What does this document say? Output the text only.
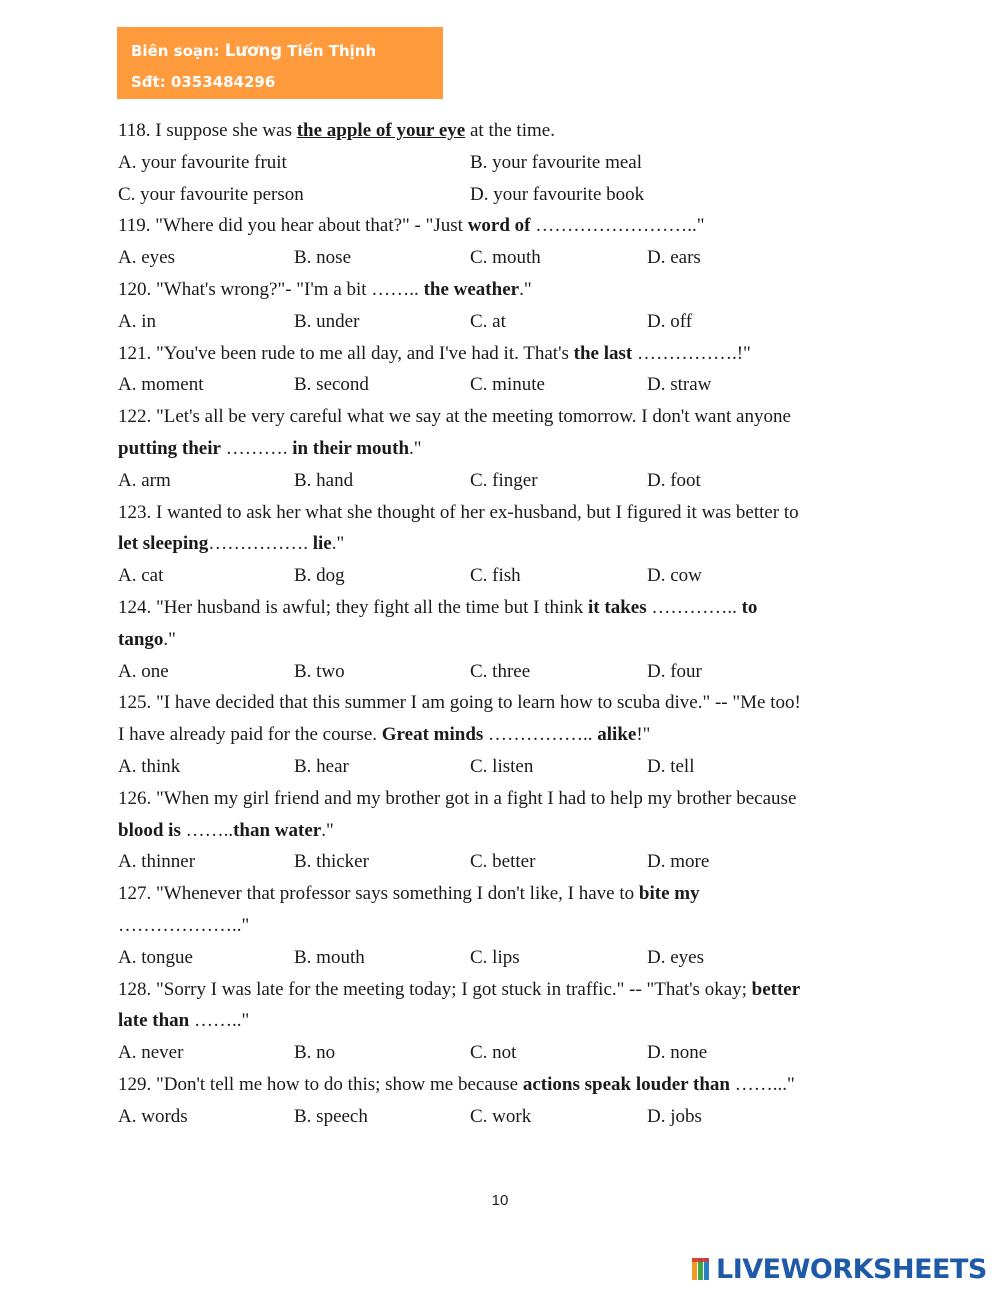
Biên soạn: Lương Tiến Thịnh
Sđt: 0353484296
118. I suppose she was the apple of your eye at the time.
A. your favourite fruit	B. your favourite meal
C. your favourite person	D. your favourite book
119. "Where did you hear about that?" - "Just word of …………………….."
A. eyes	B. nose	C. mouth	D. ears
120. "What's wrong?"- "I'm a bit …….. the weather."
A. in	B. under	C. at	D. off
121. "You've been rude to me all day, and I've had it. That's the last …………….!"
A. moment	B. second	C. minute	D. straw
122. "Let's all be very careful what we say at the meeting tomorrow. I don't want anyone
putting their ………. in their mouth."
A. arm	B. hand	C. finger	D. foot
123. I wanted to ask her what she thought of her ex-husband, but I figured it was better to
let sleeping……………. lie."
A. cat	B. dog	C. fish	D. cow
124. "Her husband is awful; they fight all the time but I think it takes ………….. to
tango."
A. one	B. two	C. three	D. four
125. "I have decided that this summer I am going to learn how to scuba dive." -- "Me too!
I have already paid for the course. Great minds …………….. alike!"
A. think	B. hear	C. listen	D. tell
126. "When my girl friend and my brother got in a fight I had to help my brother because
blood is ……..than water."
A. thinner	B. thicker	C. better	D. more
127. "Whenever that professor says something I don't like, I have to bite my
……………….."
A. tongue	B. mouth	C. lips	D. eyes
128. "Sorry I was late for the meeting today; I got stuck in traffic." -- "That's okay; better
late than …….."
A. never	B. no	C. not	D. none
129. "Don't tell me how to do this; show me because actions speak louder than ……..."
A. words	B. speech	C. work	D. jobs
10
LIVEWORKSHEETS
